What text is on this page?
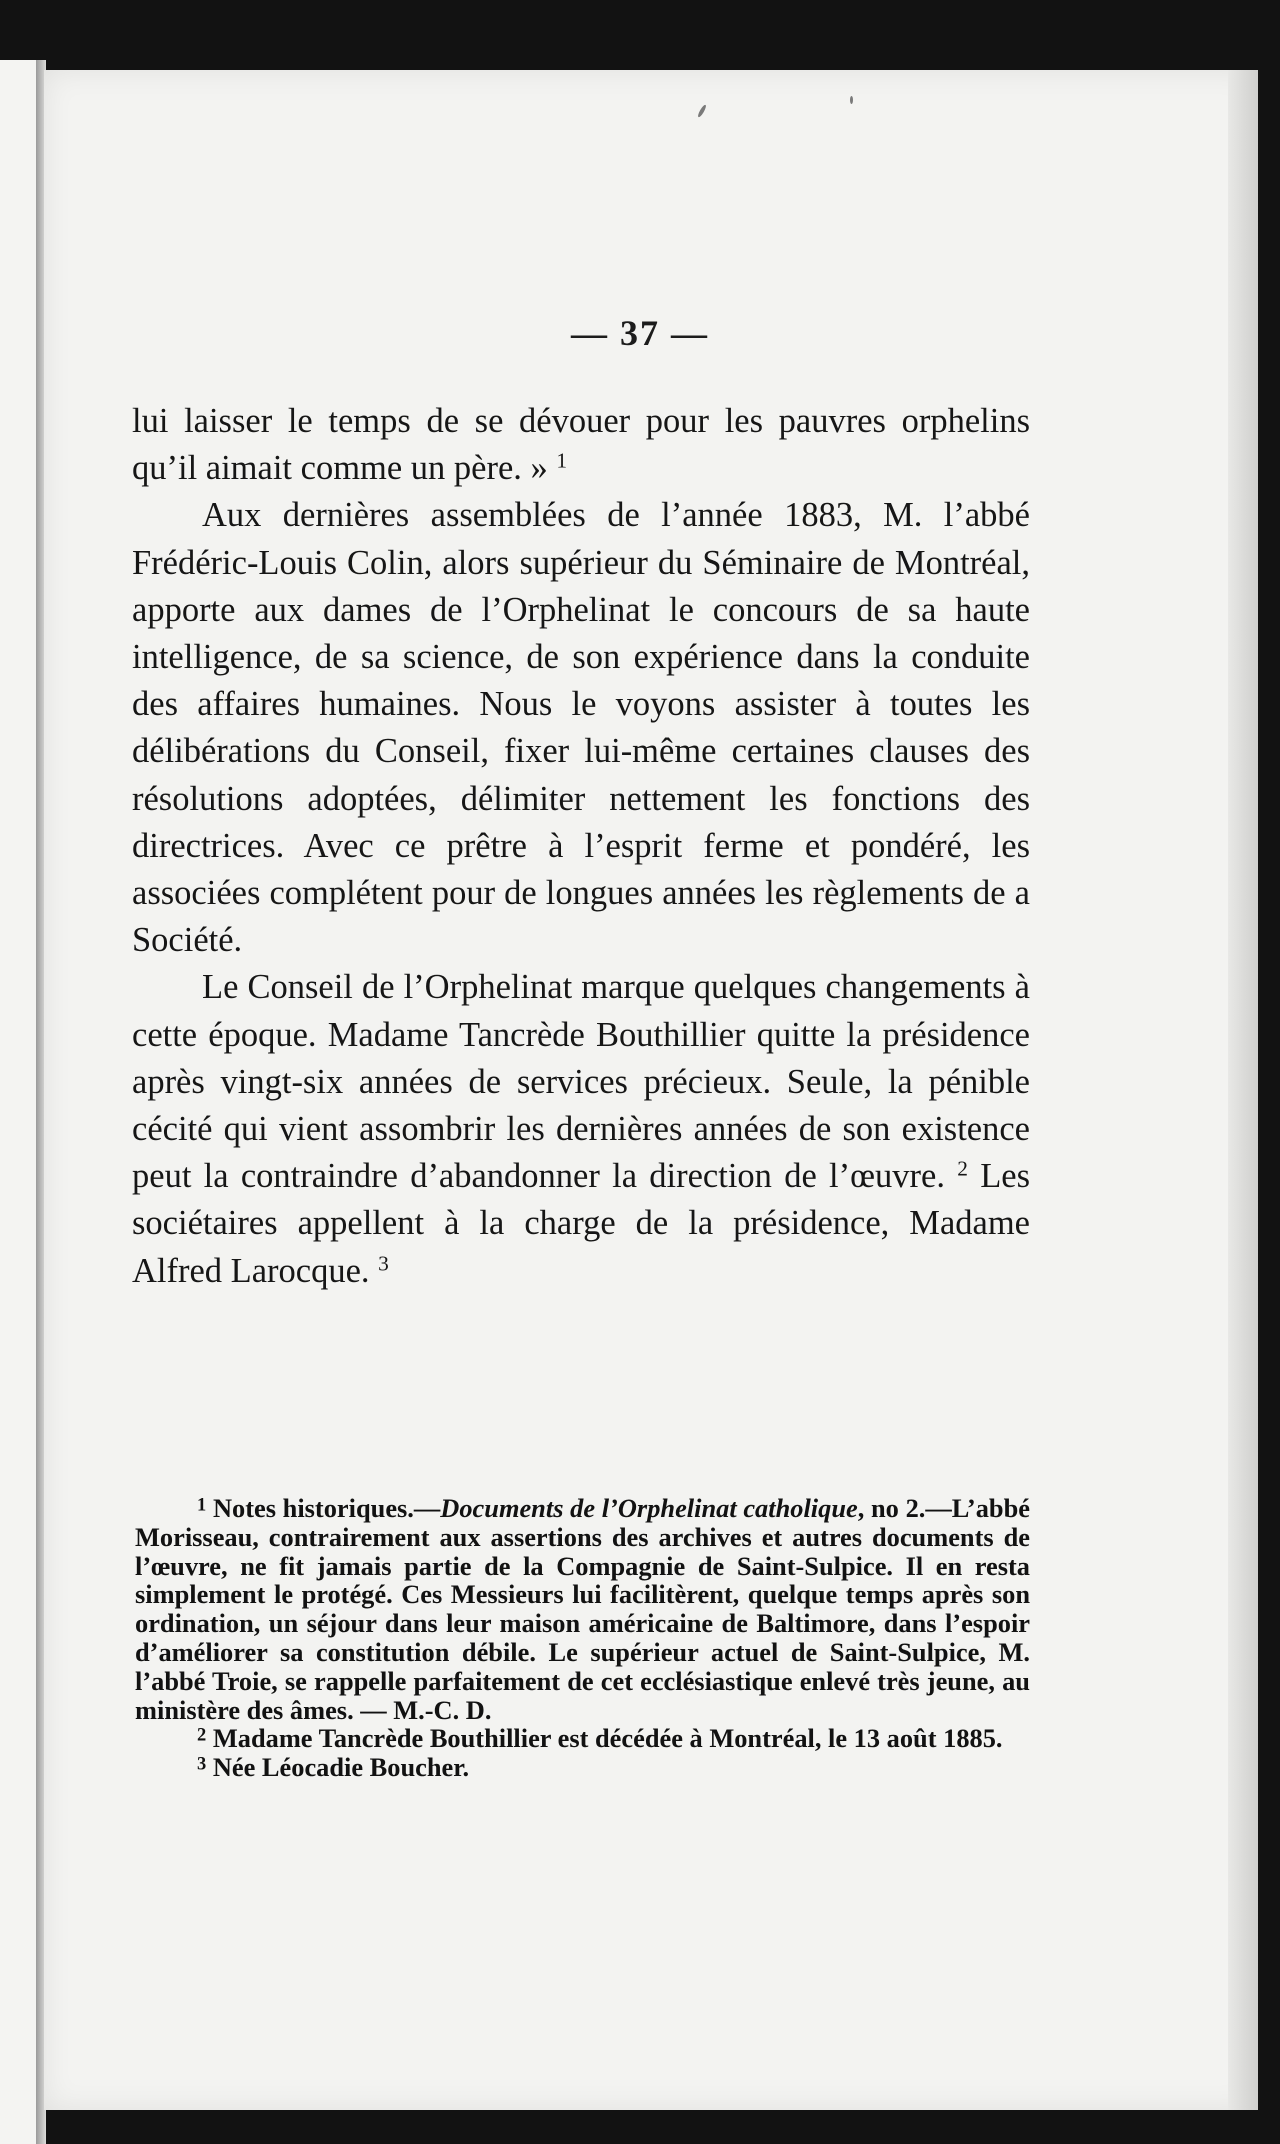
— 37 —

lui laisser le temps de se dévouer pour les pauvres orphelins qu’il aimait comme un père. » $^1$

Aux dernières assemblées de l’année 1883, M. l’abbé Frédéric-Louis Colin, alors supérieur du Séminaire de Montréal, apporte aux dames de l’Orphelinat le concours de sa haute intelligence, de sa science, de son expérience dans la conduite des affaires humaines. Nous le voyons assister à toutes les délibérations du Conseil, fixer lui-même certaines clauses des résolutions adoptées, délimiter nettement les fonctions des directrices. Avec ce prêtre à l’esprit ferme et pondéré, les associées complétent pour de longues années les règlements de a Société.

Le Conseil de l’Orphelinat marque quelques changements à cette époque. Madame Tancrède Bouthillier quitte la présidence après vingt-six années de services précieux. Seule, la pénible cécité qui vient assombrir les dernières années de son existence peut la contraindre d’abandonner la direction de l’œuvre. $^2$ Les sociétaires appellent à la charge de la présidence, Madame Alfred Larocque. $^3$

$^1$ Notes historiques.—Documents de l’Orphelinat catholique, no 2.—L’abbé Morisseau, contrairement aux assertions des archives et autres documents de l’œuvre, ne fit jamais partie de la Compagnie de Saint-Sulpice. Il en resta simplement le protégé. Ces Messieurs lui facilitèrent, quelque temps après son ordination, un séjour dans leur maison américaine de Baltimore, dans l’espoir d’améliorer sa constitution débile. Le supérieur actuel de Saint-Sulpice, M. l’abbé Troie, se rappelle parfaitement de cet ecclésiastique enlevé très jeune, au ministère des âmes. — M.-C. D.

$^2$ Madame Tancrède Bouthillier est décédée à Montréal, le 13 août 1885.

$^3$ Née Léocadie Boucher.
